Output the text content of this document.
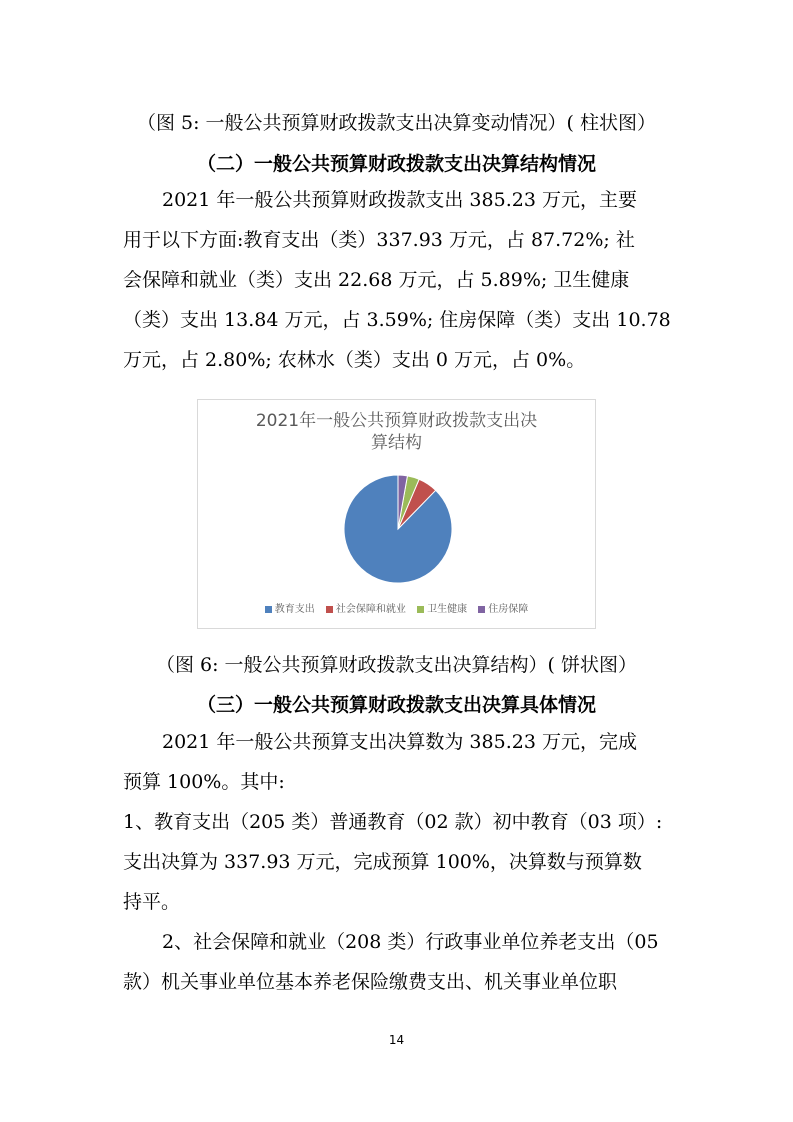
（图 5: 一般公共预算财政拨款支出决算变动情况）( 柱状图）
（二）一般公共预算财政拨款支出决算结构情况
2021 年一般公共预算财政拨款支出 385.23 万元，主要
用于以下方面:教育支出（类）337.93 万元，占 87.72%; 社
会保障和就业（类）支出 22.68 万元，占 5.89%; 卫生健康
（类）支出 13.84 万元，占 3.59%; 住房保障（类）支出 10.78
万元，占 2.80%; 农林水（类）支出 0 万元，占 0%。
2021年一般公共预算财政拨款支出决
算结构
教育支出 社会保障和就业 卫生健康 住房保障
（图 6: 一般公共预算财政拨款支出决算结构）( 饼状图）
（三）一般公共预算财政拨款支出决算具体情况
2021 年一般公共预算支出决算数为 385.23 万元，完成
预算 100%。其中:
1、教育支出（205 类）普通教育（02 款）初中教育（03 项）:
支出决算为 337.93 万元，完成预算 100%，决算数与预算数
持平。
2、社会保障和就业（208 类）行政事业单位养老支出（05
款）机关事业单位基本养老保险缴费支出、机关事业单位职
14
